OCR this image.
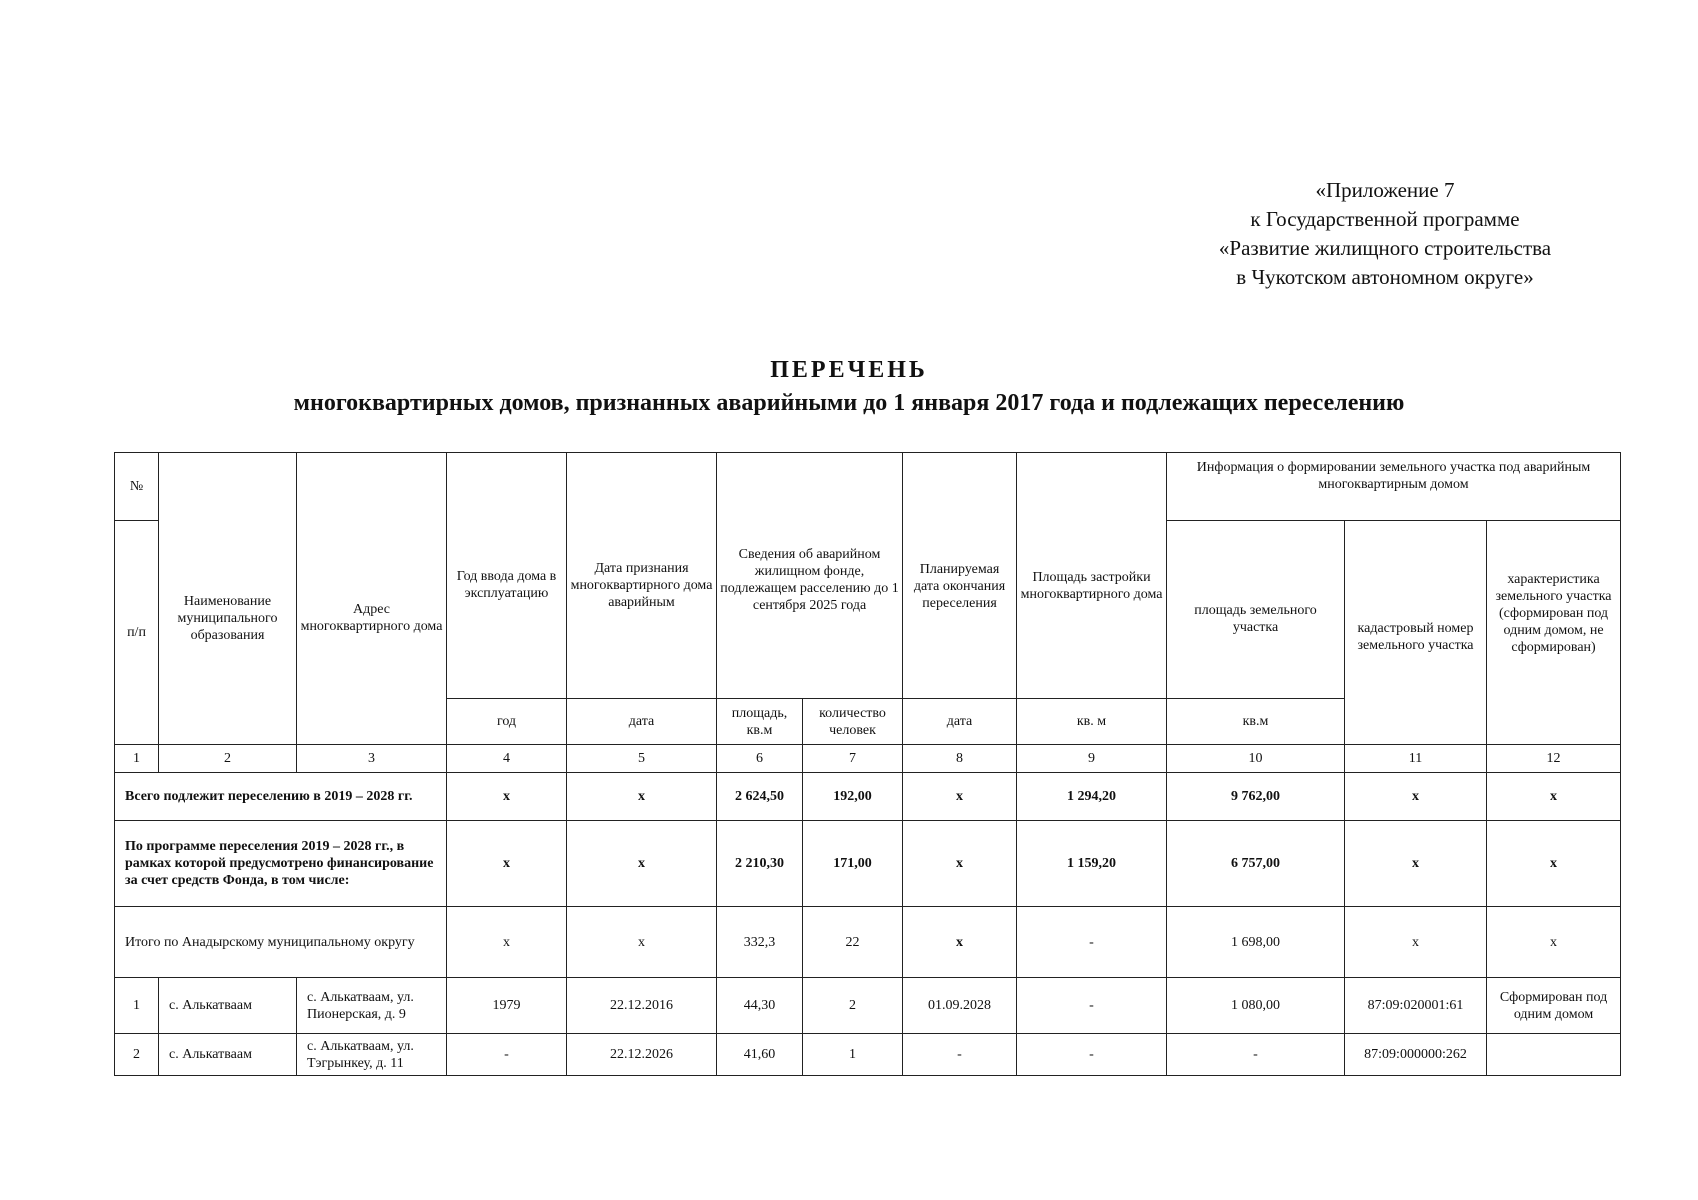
«Приложение 7
к Государственной программе
«Развитие жилищного строительства
в Чукотском автономном округе»
ПЕРЕЧЕНЬ
многоквартирных домов, признанных аварийными до 1 января 2017 года и подлежащих переселению
№	Наименование муниципального образования	Адрес многоквартирного дома	Год ввода дома в эксплуатацию	Дата признания многоквартирного дома аварийным	Сведения об аварийном жилищном фонде, подлежащем расселению до 1 сентября 2025 года		Планируемая дата окончания переселения	Площадь застройки многоквартирного дома	Информация о формировании земельного участка под аварийным многоквартирным домом		
п/п									площадь земельного участка	кадастровый номер земельного участка	характеристика земельного участка (сформирован под одним домом, не сформирован)
			год	дата	площадь, кв.м	количество человек	дата	кв. м	кв.м		
1	2	3	4	5	6	7	8	9	10	11	12
Всего подлежит переселению в 2019 – 2028 гг.			x	x	2 624,50	192,00	x	1 294,20	9 762,00	x	x
По программе переселения 2019 – 2028 гг., в рамках которой предусмотрено финансирование за счет средств Фонда, в том числе:			x	x	2 210,30	171,00	x	1 159,20	6 757,00	x	x
Итого по Анадырскому муниципальному округу			x	x	332,3	22	x	-	1 698,00	x	x
1	с. Алькатваам	с. Алькатваам, ул. Пионерская, д. 9	1979	22.12.2016	44,30	2	01.09.2028	-	1 080,00	87:09:020001:61	Сформирован под одним домом
2	с. Алькатваам	с. Алькатваам, ул. Тэгрынкеу, д. 11	-	22.12.2026	41,60	1	-	-	-	87:09:000000:262	
